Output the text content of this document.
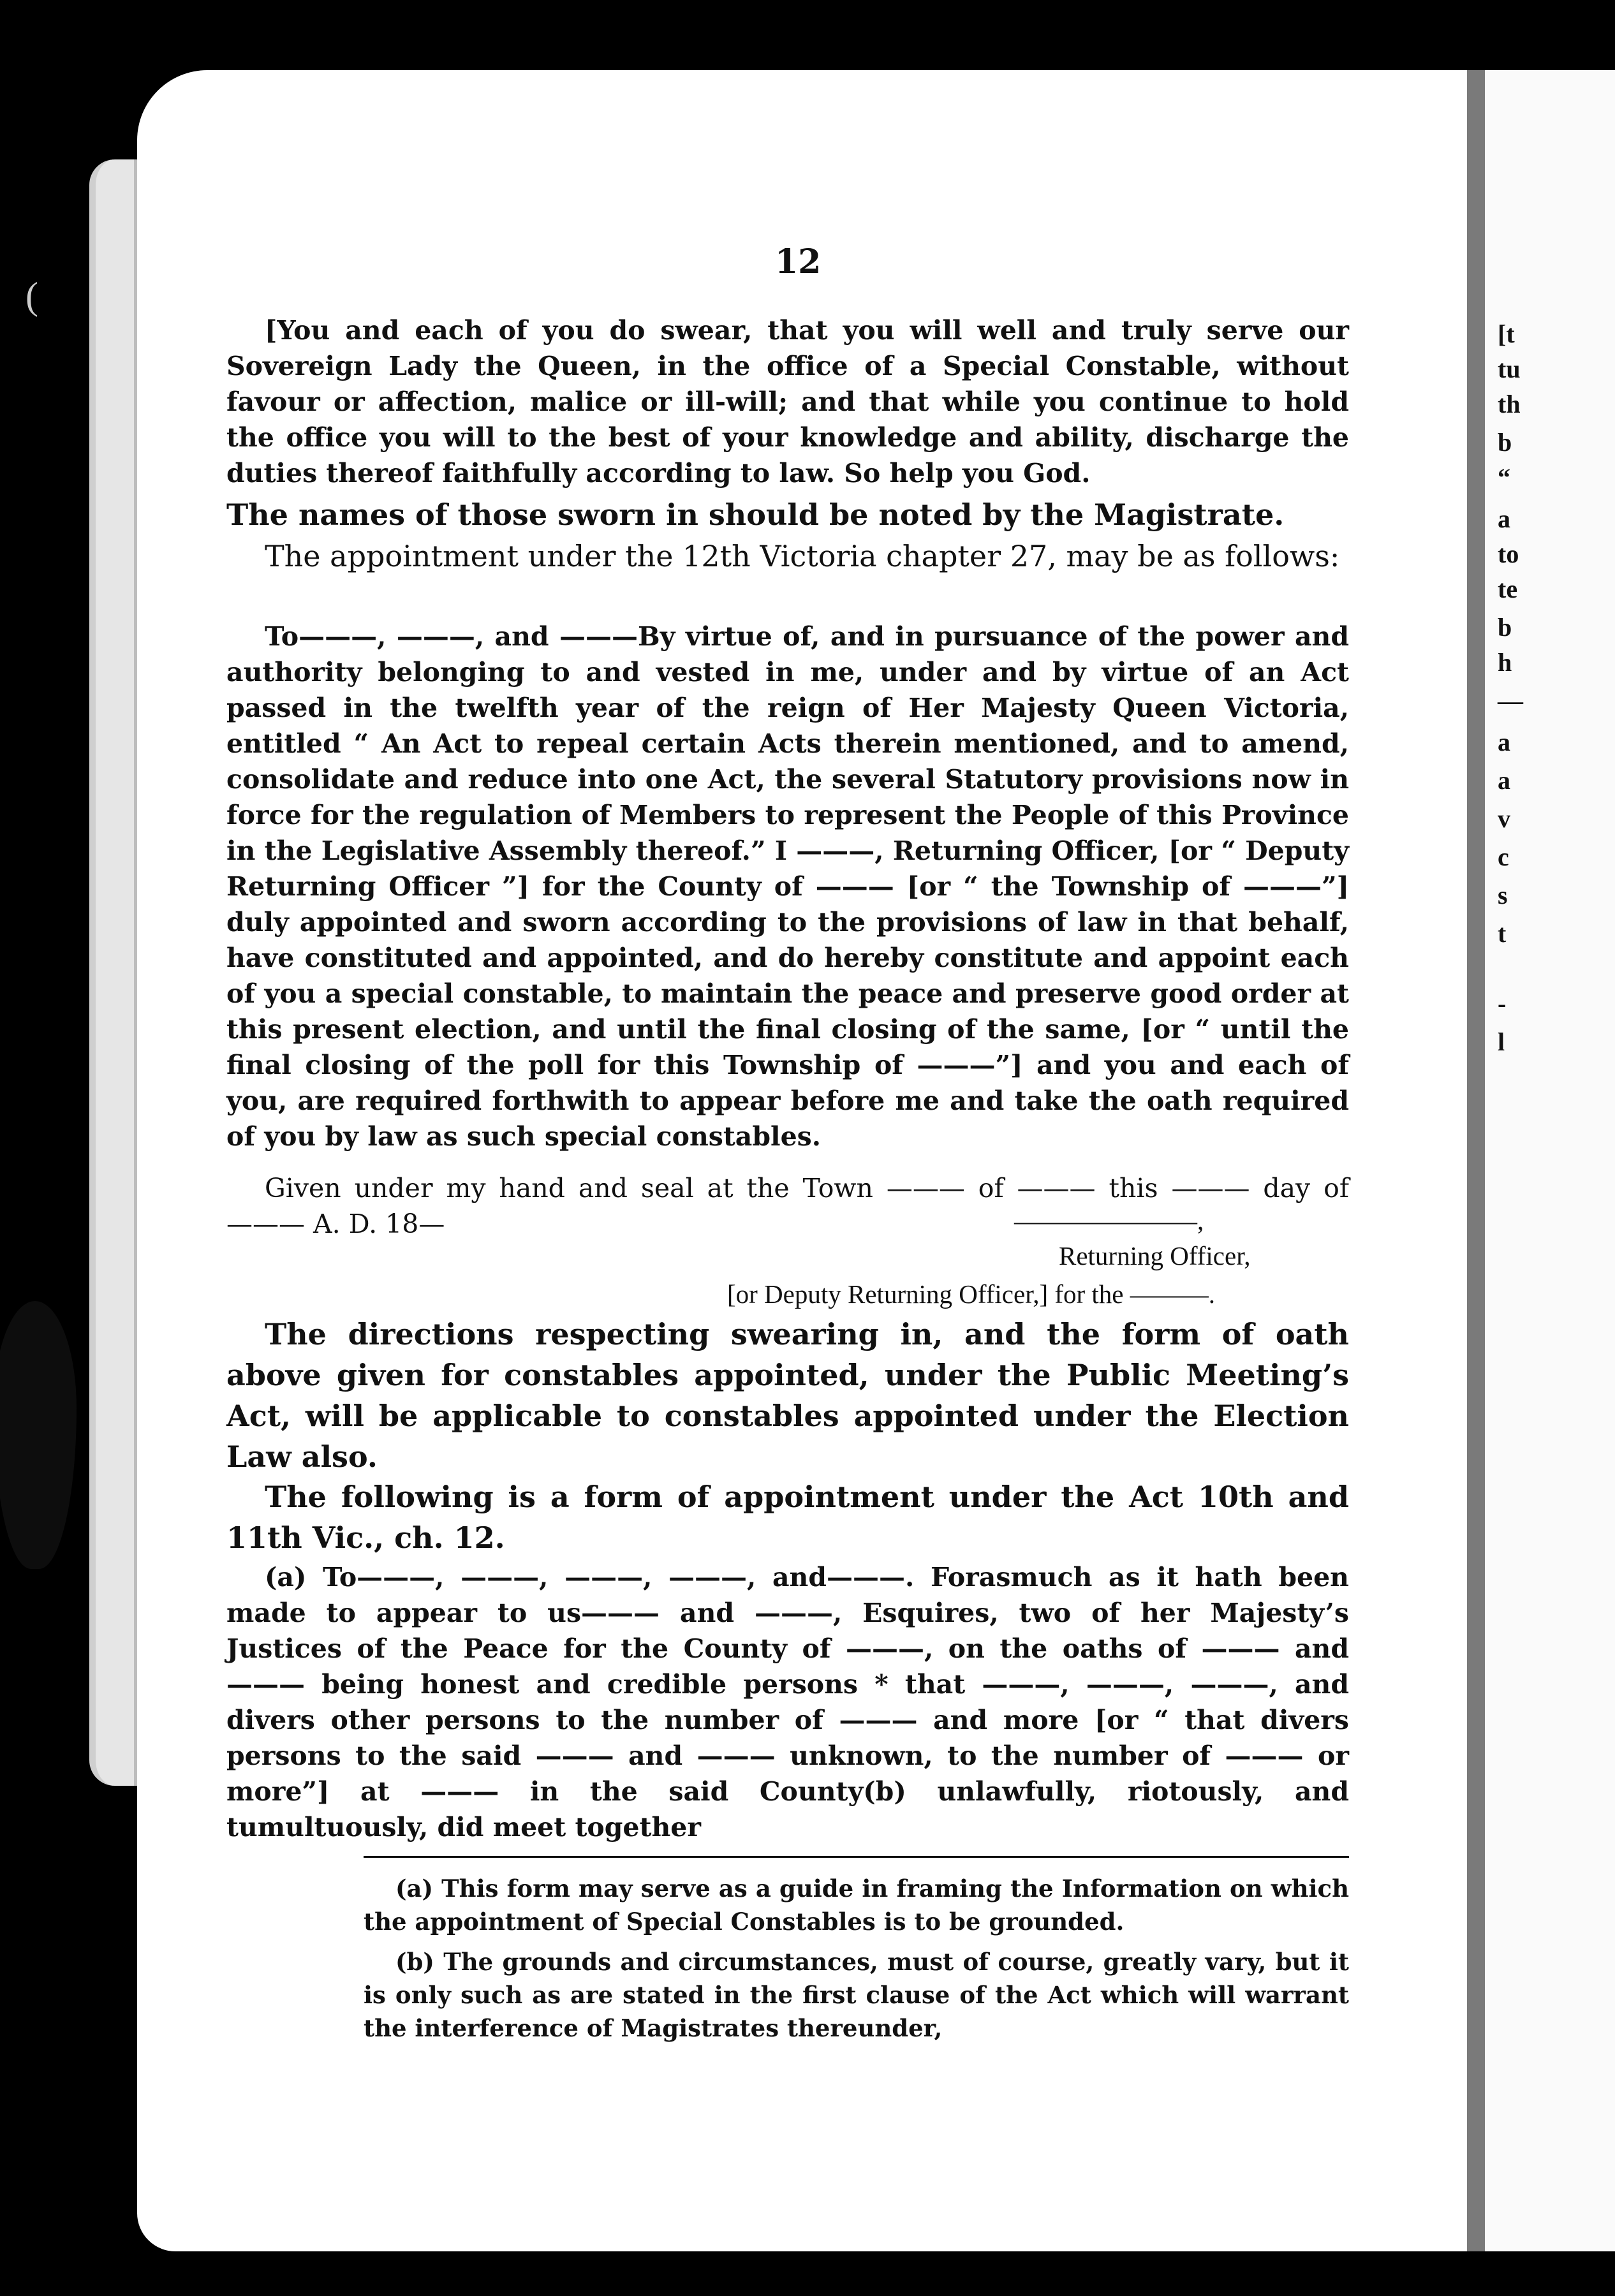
(
[t
tu
th
b
“
a
to
te
b
h
—
a
a
v
c
s
t
-
l
12
[You and each of you do swear, that you will well and truly serve our Sovereign Lady the Queen, in the office of a Special Constable, without favour or affection, malice or ill-will; and that while you continue to hold the office you will to the best of your knowledge and ability, discharge the duties thereof faithfully according to law. So help you God.
The names of those sworn in should be noted by the Magistrate.
The appointment under the 12th Victoria chapter 27, may be as follows:
To———, ———, and ———By virtue of, and in pursuance of the power and authority belonging to and vested in me, under and by virtue of an Act passed in the twelfth year of the reign of Her Majesty Queen Victoria, entitled “ An Act to repeal certain Acts therein mentioned, and to amend, consolidate and reduce into one Act, the several Statutory provisions now in force for the regulation of Members to represent the People of this Province in the Legislative Assembly thereof.” I ———, Returning Officer, [or “ Deputy Returning Officer ”] for the County of ——— [or “ the Township of ———”] duly appointed and sworn according to the provisions of law in that behalf, have constituted and appointed, and do hereby constitute and appoint each of you a special constable, to maintain the peace and preserve good order at this present election, and until the final closing of the same, [or “ until the final closing of the poll for this Township of ———”] and you and each of you, are required forthwith to appear before me and take the oath required of you by law as such special constables.
Given under my hand and seal at the Town ——— of ——— this ——— day of ——— A. D. 18—	———————,
Returning Officer,
[or Deputy Returning Officer,] for the ———.
The directions respecting swearing in, and the form of oath above given for constables appointed, under the Public Meeting’s Act, will be applicable to constables appointed under the Election Law also.
The following is a form of appointment under the Act 10th and 11th Vic., ch. 12.
(a) To———, ———, ———, ———, and———. Forasmuch as it hath been made to appear to us——— and ———, Esquires, two of her Majesty’s Justices of the Peace for the County of ———, on the oaths of ——— and ——— being honest and credible persons * that ———, ———, ———, and divers other persons to the number of ——— and more [or “ that divers persons to the said ——— and ——— unknown, to the number of ——— or more”] at ——— in the said County(b) unlawfully, riotously, and tumultuously, did meet together
(a) This form may serve as a guide in framing the Information on which the appointment of Special Constables is to be grounded.
(b) The grounds and circumstances, must of course, greatly vary, but it is only such as are stated in the first clause of the Act which will warrant the interference of Magistrates thereunder,
